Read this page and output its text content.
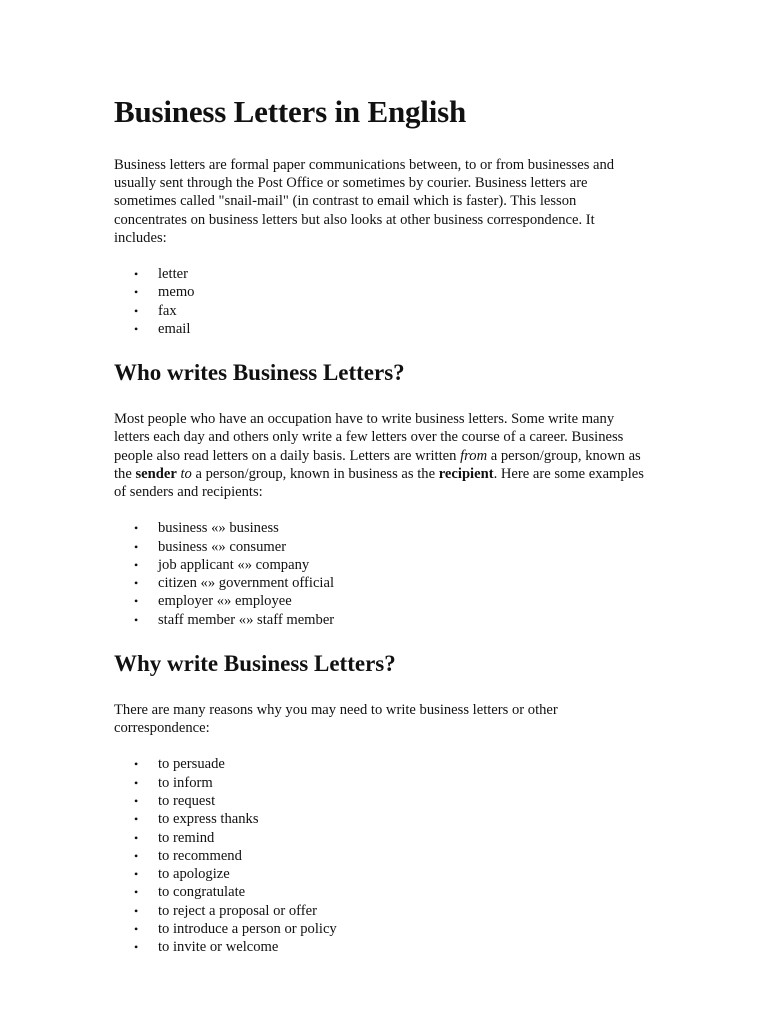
Business Letters in English

Business letters are formal paper communications between, to or from businesses and usually sent through the Post Office or sometimes by courier. Business letters are sometimes called "snail-mail" (in contrast to email which is faster). This lesson concentrates on business letters but also looks at other business correspondence. It includes:

• letter
• memo
• fax
• email
Who writes Business Letters?

Most people who have an occupation have to write business letters. Some write many letters each day and others only write a few letters over the course of a career. Business people also read letters on a daily basis. Letters are written from a person/group, known as the sender to a person/group, known in business as the recipient. Here are some examples of senders and recipients:

• business «» business
• business «» consumer
• job applicant «» company
• citizen «» government official
• employer «» employee
• staff member «» staff member
Why write Business Letters?

There are many reasons why you may need to write business letters or other correspondence:

• to persuade
• to inform
• to request
• to express thanks
• to remind
• to recommend
• to apologize
• to congratulate
• to reject a proposal or offer
• to introduce a person or policy
• to invite or welcome
